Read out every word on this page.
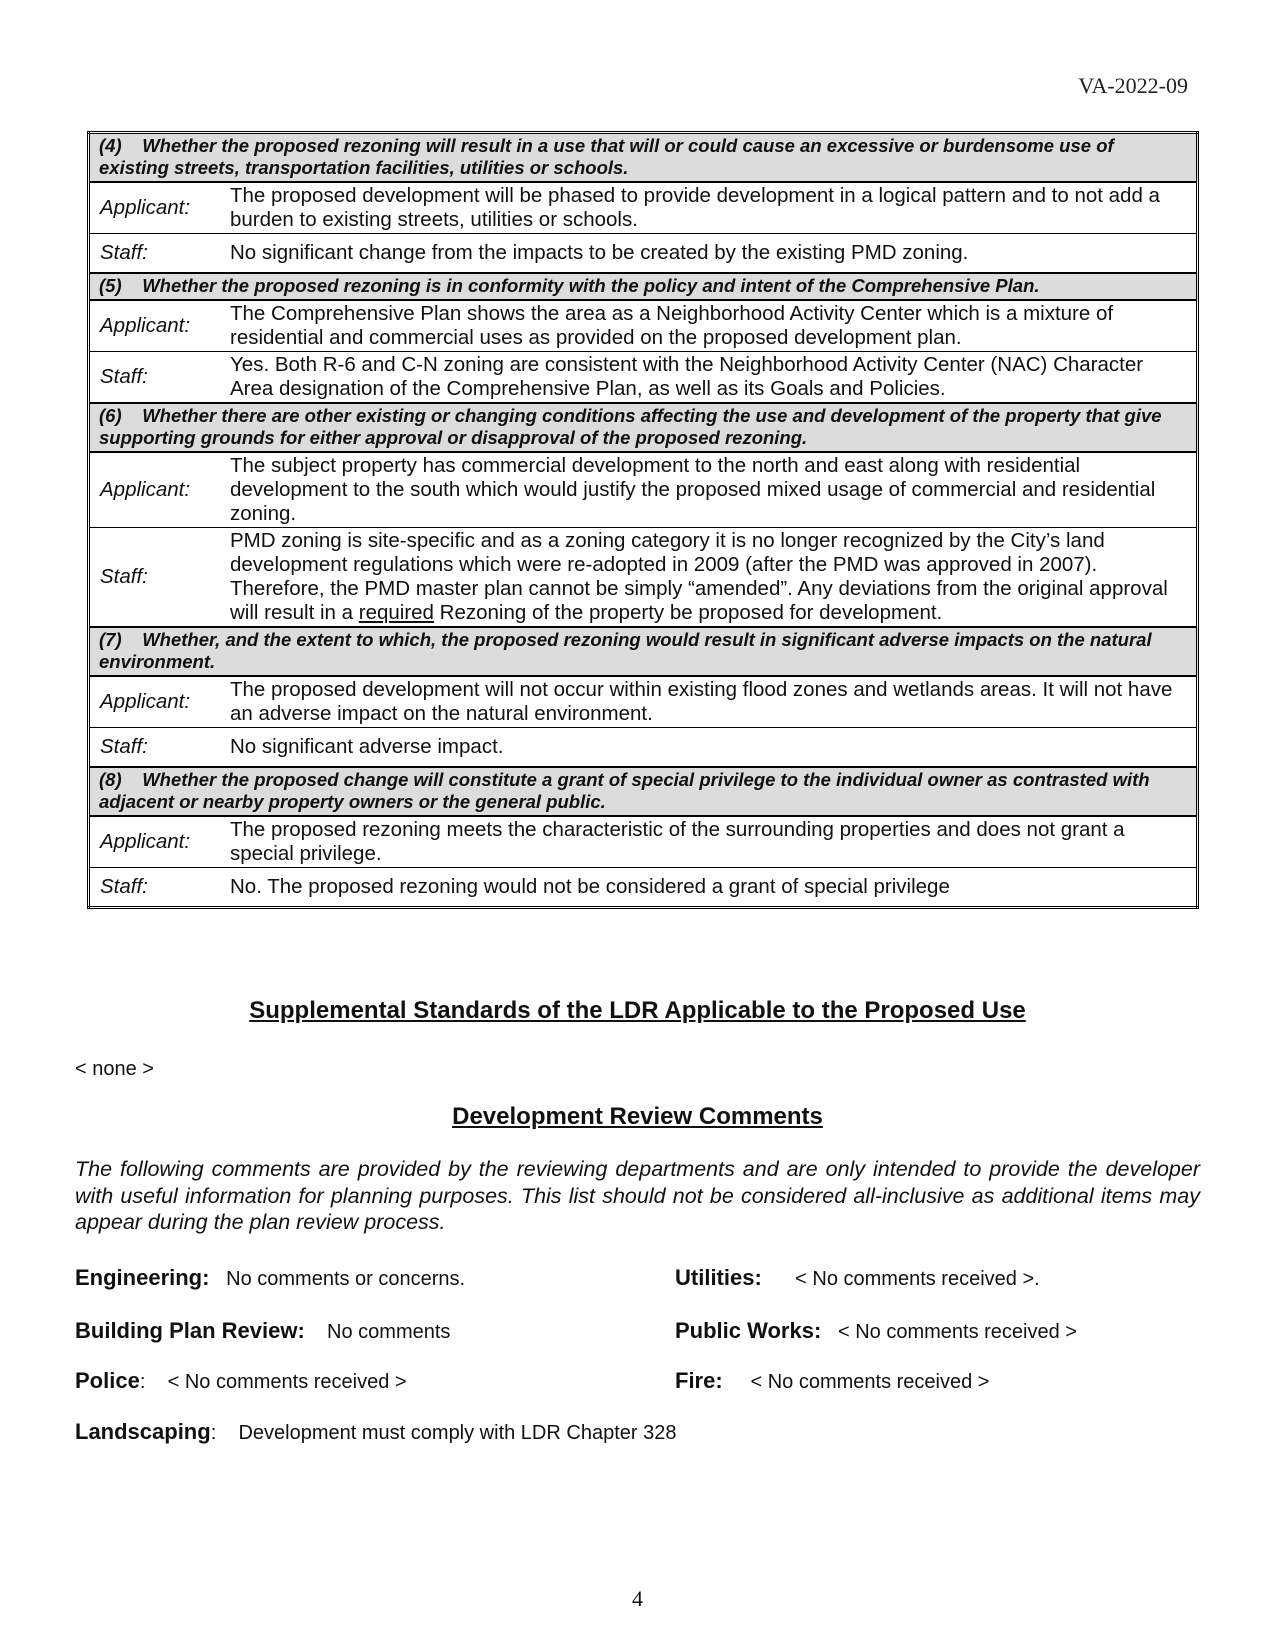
VA-2022-09
(4) Whether the proposed rezoning will result in a use that will or could cause an excessive or burdensome use of existing streets, transportation facilities, utilities or schools.	
Applicant:	The proposed development will be phased to provide development in a logical pattern and to not add a burden to existing streets, utilities or schools.
Staff:	No significant change from the impacts to be created by the existing PMD zoning.
(5) Whether the proposed rezoning is in conformity with the policy and intent of the Comprehensive Plan.	
Applicant:	The Comprehensive Plan shows the area as a Neighborhood Activity Center which is a mixture of residential and commercial uses as provided on the proposed development plan.
Staff:	Yes. Both R-6 and C-N zoning are consistent with the Neighborhood Activity Center (NAC) Character Area designation of the Comprehensive Plan, as well as its Goals and Policies.
(6) Whether there are other existing or changing conditions affecting the use and development of the property that give supporting grounds for either approval or disapproval of the proposed rezoning.	
Applicant:	The subject property has commercial development to the north and east along with residential development to the south which would justify the proposed mixed usage of commercial and residential zoning.
Staff:	PMD zoning is site-specific and as a zoning category it is no longer recognized by the City’s land development regulations which were re-adopted in 2009 (after the PMD was approved in 2007). Therefore, the PMD master plan cannot be simply “amended”. Any deviations from the original approval will result in a required Rezoning of the property be proposed for development.
(7) Whether, and the extent to which, the proposed rezoning would result in significant adverse impacts on the natural environment.	
Applicant:	The proposed development will not occur within existing flood zones and wetlands areas. It will not have an adverse impact on the natural environment.
Staff:	No significant adverse impact.
(8) Whether the proposed change will constitute a grant of special privilege to the individual owner as contrasted with adjacent or nearby property owners or the general public.	
Applicant:	The proposed rezoning meets the characteristic of the surrounding properties and does not grant a special privilege.
Staff:	No. The proposed rezoning would not be considered a grant of special privilege
Supplemental Standards of the LDR Applicable to the Proposed Use
< none >
Development Review Comments
The following comments are provided by the reviewing departments and are only intended to provide the developer with useful information for planning purposes. This list should not be considered all-inclusive as additional items may appear during the plan review process.
Engineering: No comments or concerns.	Utilities: < No comments received >.
Building Plan Review: No comments	Public Works: < No comments received >
Police: < No comments received >	Fire: < No comments received >
Landscaping: Development must comply with LDR Chapter 328
4
